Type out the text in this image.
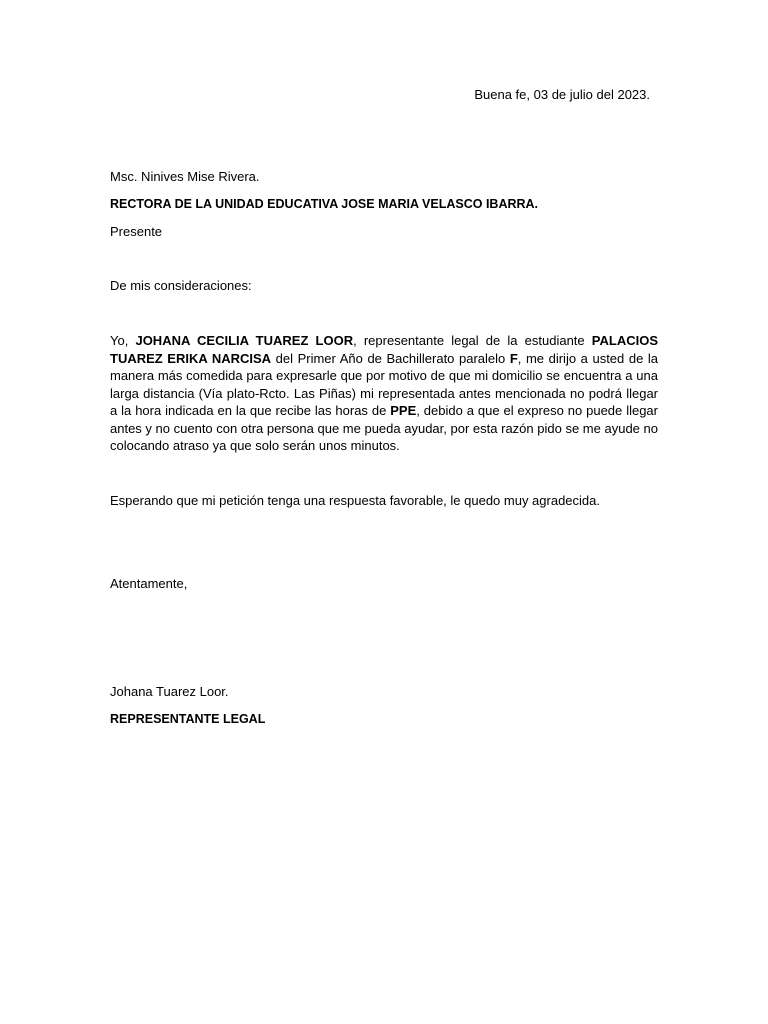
Buena fe, 03 de julio del 2023.
Msc. Ninives Mise Rivera.
RECTORA DE LA UNIDAD EDUCATIVA JOSE MARIA VELASCO IBARRA.
Presente
De mis consideraciones:
Yo, JOHANA CECILIA TUAREZ LOOR, representante legal de la estudiante PALACIOS TUAREZ ERIKA NARCISA del Primer Año de Bachillerato paralelo F, me dirijo a usted de la manera más comedida para expresarle que por motivo de que mi domicilio se encuentra a una larga distancia (Vía plato-Rcto. Las Piñas) mi representada antes mencionada no podrá llegar a la hora indicada en la que recibe las horas de PPE, debido a que el expreso no puede llegar antes y no cuento con otra persona que me pueda ayudar, por esta razón pido se me ayude no colocando atraso ya que solo serán unos minutos.
Esperando que mi petición tenga una respuesta favorable, le quedo muy agradecida.
Atentamente,
Johana Tuarez Loor.
REPRESENTANTE LEGAL
